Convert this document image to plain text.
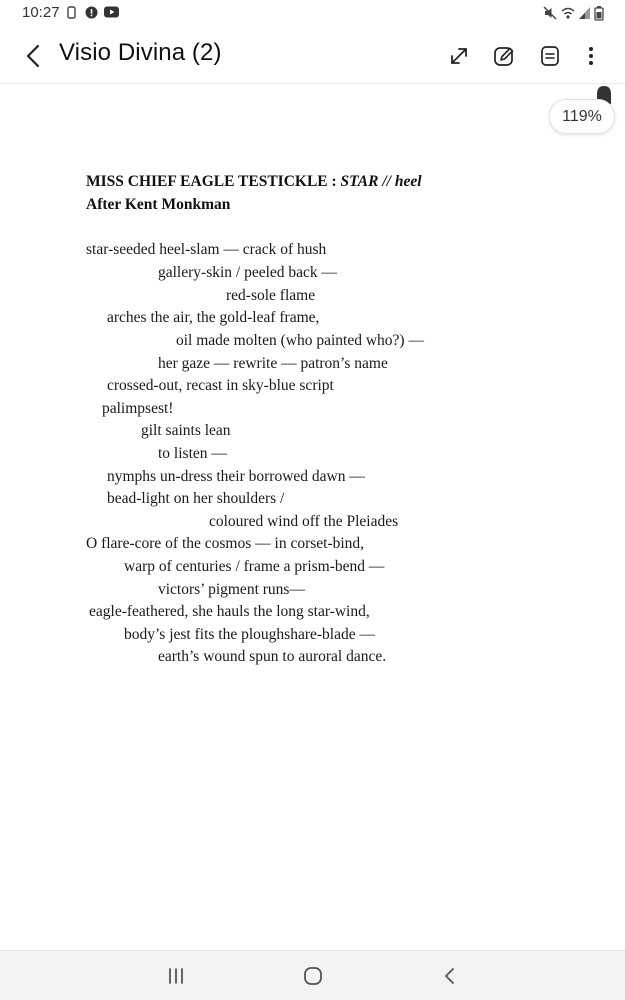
10:27
Visio Divina (2)
MISS CHIEF EAGLE TESTICKLE : STAR // heel
After Kent Monkman
star-seeded heel-slam — crack of hush
gallery-skin / peeled back —
red-sole flame
arches the air, the gold-leaf frame,
oil made molten (who painted who?) —
her gaze — rewrite — patron’s name
crossed-out, recast in sky-blue script
palimpsest!
gilt saints lean
to listen —
nymphs un-dress their borrowed dawn —
bead-light on her shoulders /
coloured wind off the Pleiades
O flare-core of the cosmos — in corset-bind,
warp of centuries / frame a prism-bend —
victors’ pigment runs—
eagle-feathered, she hauls the long star-wind,
body’s jest fits the ploughshare-blade —
earth’s wound spun to auroral dance.
119%
